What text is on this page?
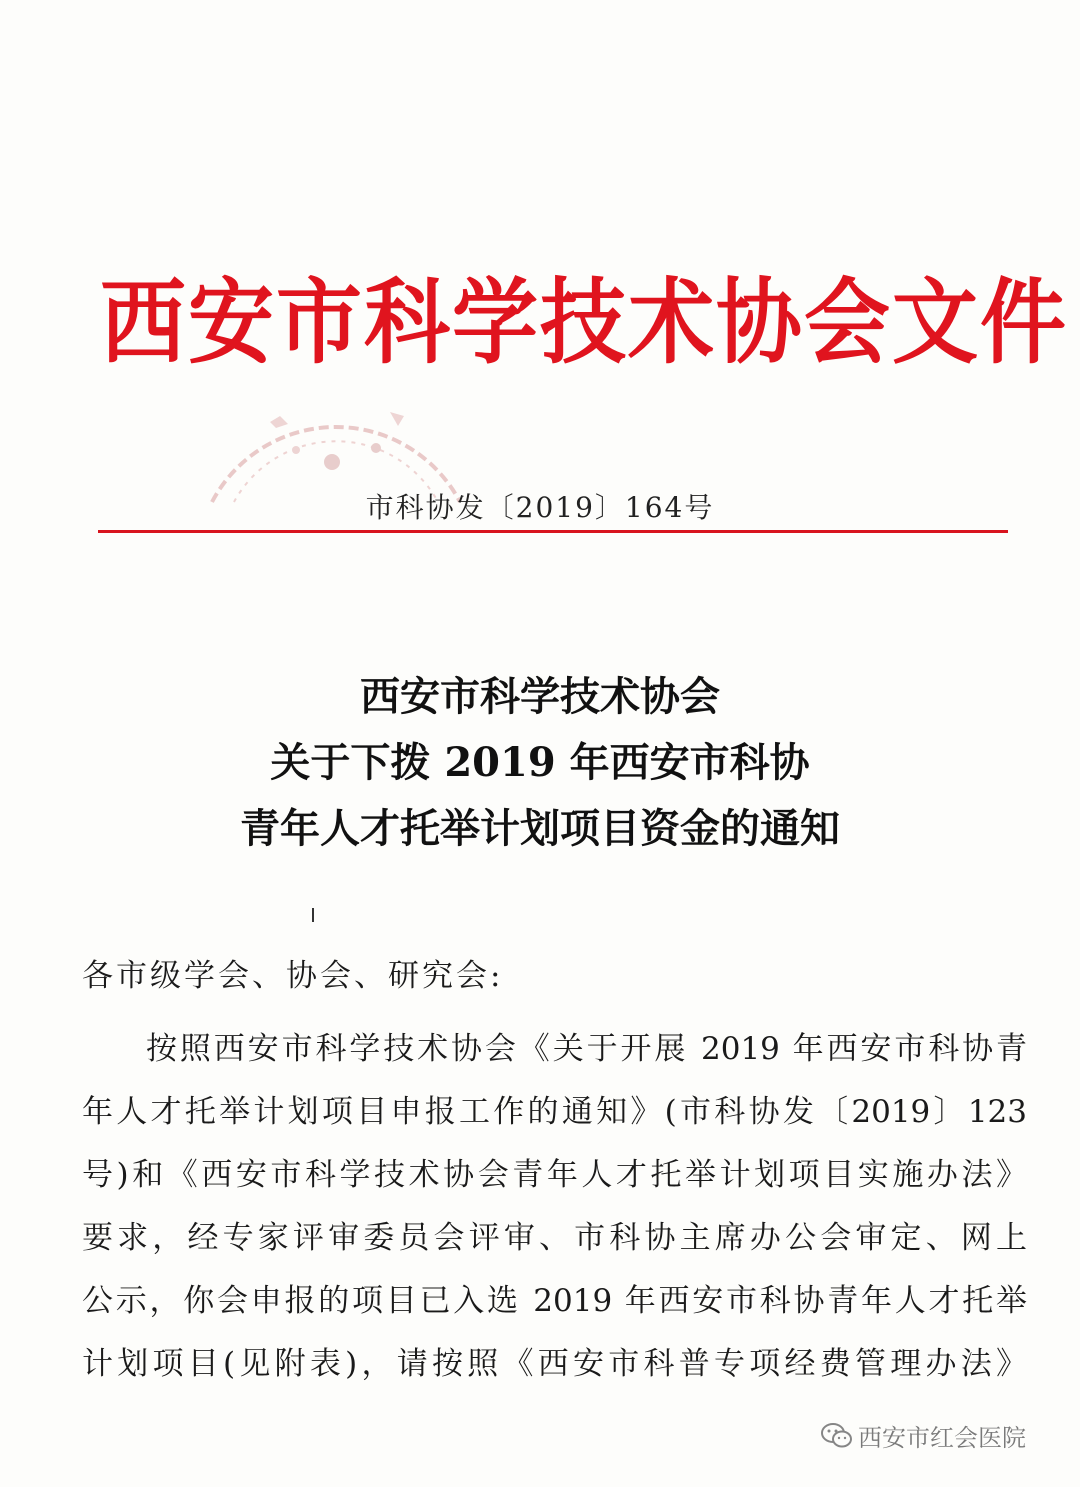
西安市科学技术协会文件
市科协发〔2019〕164号
西安市科学技术协会
关于下拨 2019 年西安市科协
青年人才托举计划项目资金的通知
各市级学会、协会、研究会:
按照西安市科学技术协会《关于开展 2019 年西安市科协青
年人才托举计划项目申报工作的通知》(市科协发〔2019〕123
号)和《西安市科学技术协会青年人才托举计划项目实施办法》
要求，经专家评审委员会评审、市科协主席办公会审定、网上
公示，你会申报的项目已入选 2019 年西安市科协青年人才托举
计划项目(见附表)，请按照《西安市科普专项经费管理办法》
西安市红会医院
